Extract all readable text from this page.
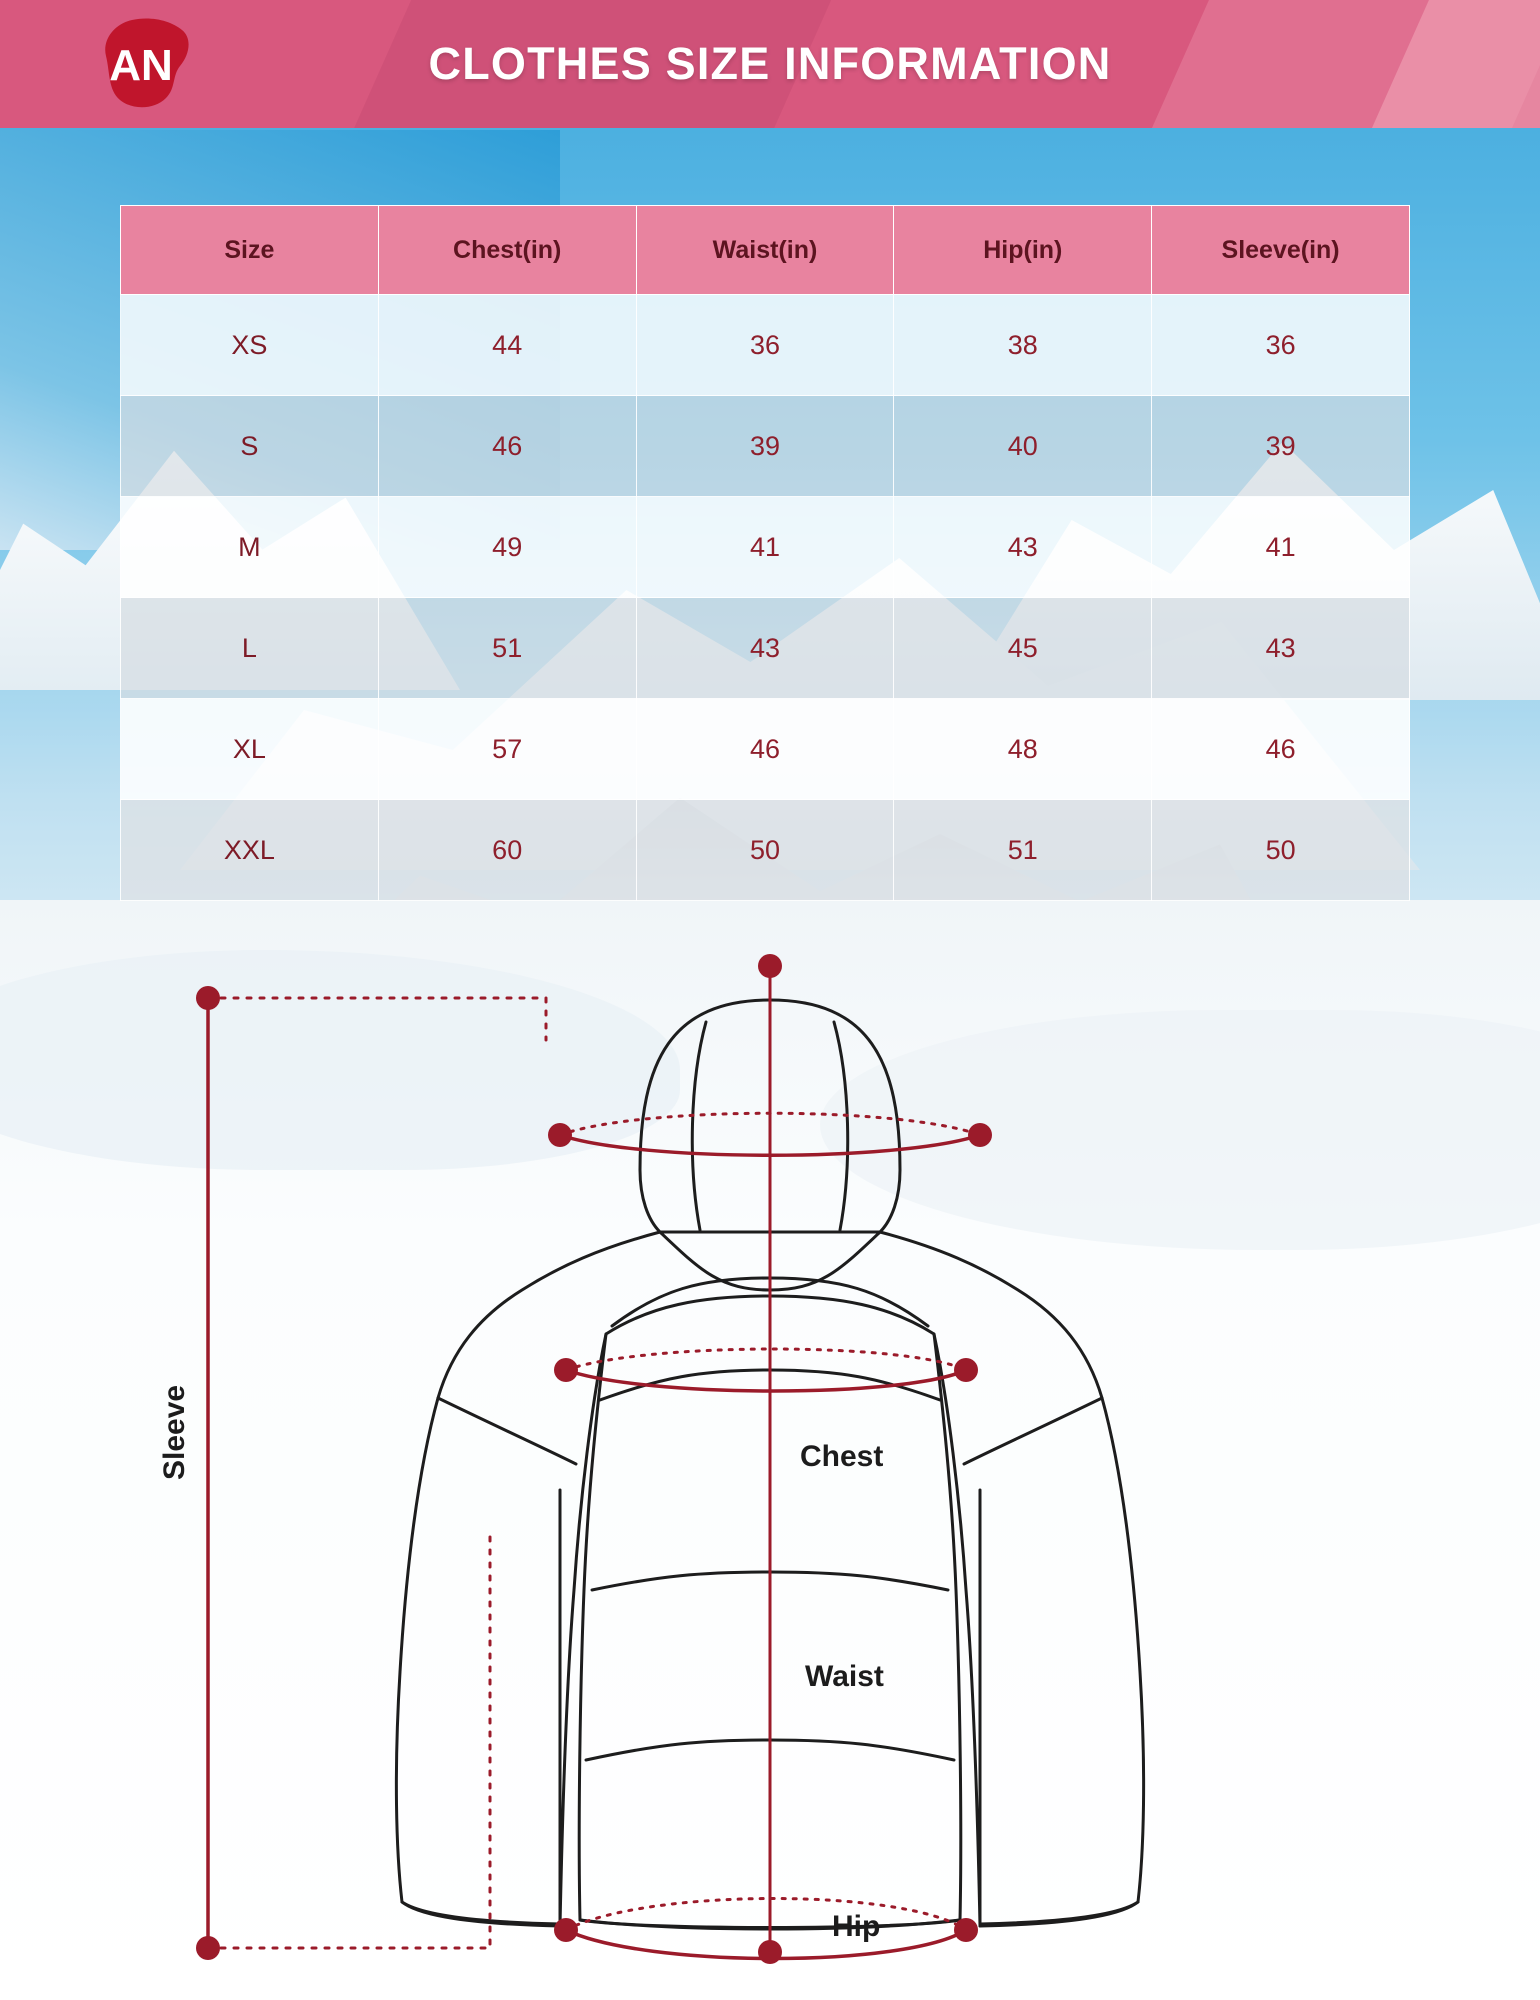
AN	CLOTHES SIZE INFORMATION
Size	Chest(in)	Waist(in)	Hip(in)	Sleeve(in)
XS	44	36	38	36
S	46	39	40	39
M	49	41	43	41
L	51	43	45	43
XL	57	46	48	46
XXL	60	50	51	50
Sleeve	Chest
Waist
Hip
